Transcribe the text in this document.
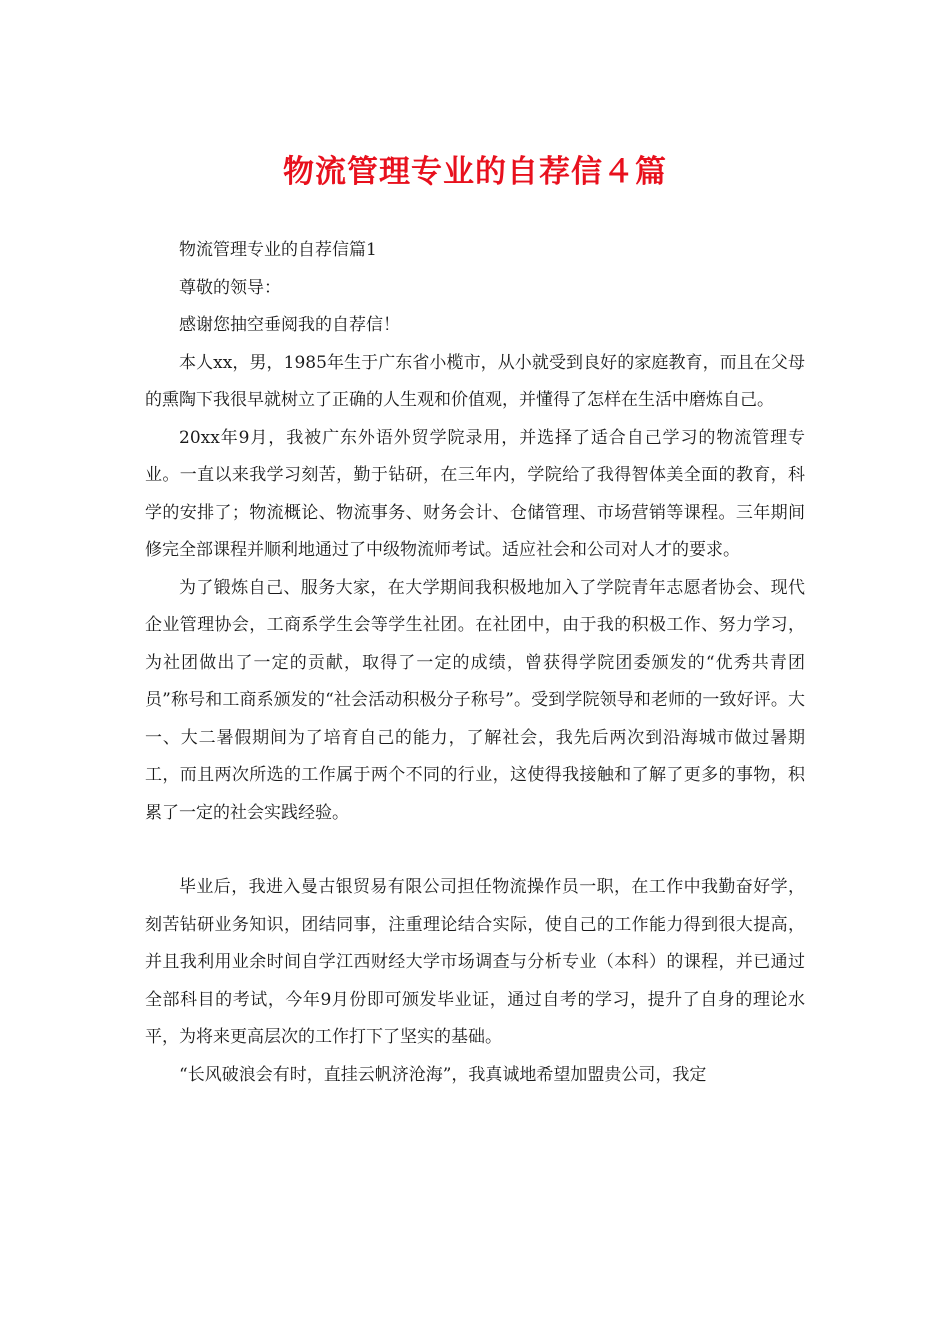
物流管理专业的自荐信４篇

物流管理专业的自荐信篇1

尊敬的领导：

感谢您抽空垂阅我的自荐信！

本人xx，男，1985年生于广东省小榄市，从小就受到良好的家庭教育，而且在父母的熏陶下我很早就树立了正确的人生观和价值观，并懂得了怎样在生活中磨炼自己。

20xx年9月，我被广东外语外贸学院录用，并选择了适合自己学习的物流管理专业。一直以来我学习刻苦，勤于钻研，在三年内，学院给了我得智体美全面的教育，科学的安排了；物流概论、物流事务、财务会计、仓储管理、市场营销等课程。三年期间修完全部课程并顺利地通过了中级物流师考试。适应社会和公司对人才的要求。

为了锻炼自己、服务大家，在大学期间我积极地加入了学院青年志愿者协会、现代企业管理协会，工商系学生会等学生社团。在社团中，由于我的积极工作、努力学习，为社团做出了一定的贡献，取得了一定的成绩，曾获得学院团委颁发的“优秀共青团员”称号和工商系颁发的“社会活动积极分子称号”。受到学院领导和老师的一致好评。大一、大二暑假期间为了培育自己的能力，了解社会，我先后两次到沿海城市做过暑期工，而且两次所选的工作属于两个不同的行业，这使得我接触和了解了更多的事物，积累了一定的社会实践经验。

毕业后，我进入曼古银贸易有限公司担任物流操作员一职，在工作中我勤奋好学，刻苦钻研业务知识，团结同事，注重理论结合实际，使自己的工作能力得到很大提高，并且我利用业余时间自学江西财经大学市场调查与分析专业（本科）的课程，并已通过全部科目的考试，今年9月份即可颁发毕业证，通过自考的学习，提升了自身的理论水平，为将来更高层次的工作打下了坚实的基础。

“长风破浪会有时，直挂云帆济沧海”，我真诚地希望加盟贵公司，我定
